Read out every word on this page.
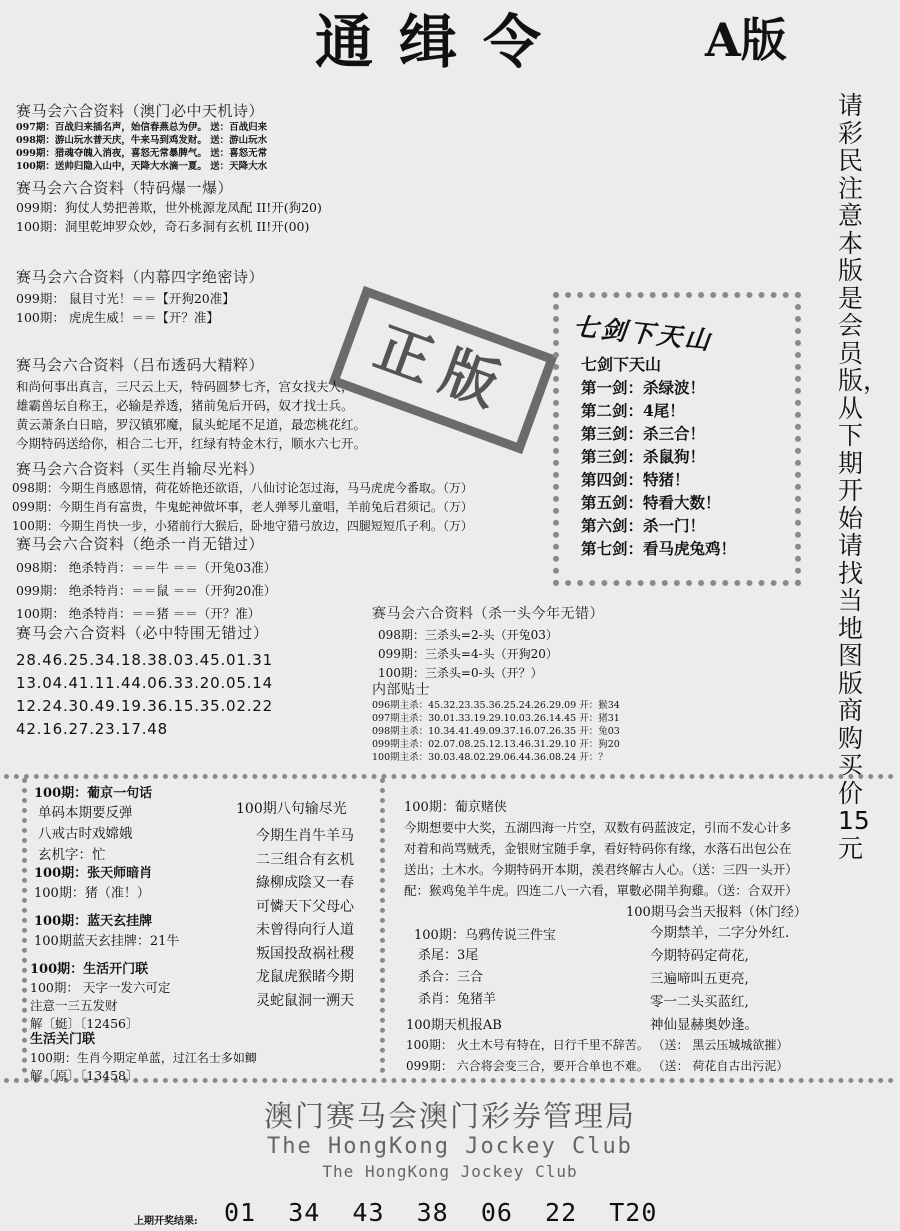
通缉令	A版
请彩民注意本版是会员版，从下期开始请找当地图版商购买价15元
正版
赛马会六合资料（澳门必中天机诗）
097期：百战归来插名声，始信春燕总为伊。 送：百战归来
098期：游山玩水普天庆，牛来马到鸡发财。 送：游山玩水
099期：猎魂夺魄入消夜，喜怒无常暴脾气。 送：喜怒无常
100期：送帅归隐入山中，天降大水滴一夏。 送：天降大水
赛马会六合资料（特码爆一爆）
099期：狗仗人势把善欺，世外桃源龙凤配 II!开(狗20)
100期：洞里乾坤罗众妙，奇石多洞有玄机 II!开(00)
赛马会六合资料（内幕四字绝密诗）
099期： 鼠目寸光！＝＝【开狗20准】
100期： 虎虎生威！＝＝【开？准】
赛马会六合资料（吕布透码大精粹）
和尚何事出真言，三尺云上天，特码圆梦七齐，宫女找夫人，
雄霸兽坛自称王，必输是养透，猪前兔后开码，奴才找士兵。
黄云萧条白日暗，罗汉镇邪魔，鼠头蛇尾不足道，最恋桃花红。
今期特码送给你，相合二七开，红绿有特金木行，顺水六七开。
赛马会六合资料（买生肖输尽光料）
098期：今期生肖感恩情，荷花娇艳还欲语，八仙讨论怎过海，马马虎虎今番取。（万）
099期：今期生肖有富贵，牛鬼蛇神做坏事，老人弹琴儿童唱，羊前兔后君须记。（万）
100期：今期生肖快一步，小猪前行大猴后，卧地守猎弓放边，四腿短短爪子利。（万）
赛马会六合资料（绝杀一肖无错过）
098期： 绝杀特肖：＝＝牛 ＝＝（开兔03准）
099期： 绝杀特肖：＝＝鼠 ＝＝（开狗20准）
100期： 绝杀特肖：＝＝猪 ＝＝（开？准）
赛马会六合资料（必中特围无错过）
28.46.25.34.18.38.03.45.01.31
13.04.41.11.44.06.33.20.05.14
12.24.30.49.19.36.15.35.02.22
42.16.27.23.17.48
七剑下天山
七剑下天山
第一剑：杀绿波！
第二剑：4尾！
第三剑：杀三合！
第三剑：杀鼠狗！
第四剑：特猪！
第五剑：特看大数！
第六剑：杀一门！
第七剑：看马虎兔鸡！
赛马会六合资料（杀一头今年无错）
098期：三杀头=2-头（开兔03）
099期：三杀头=4-头（开狗20）
100期：三杀头=0-头（开？）
内部贴士
096期主杀：45.32.23.35.36.25.24.26.29.09 开：猴34
097期主杀：30.01.33.19.29.10.03.26.14.45 开：猪31
098期主杀：10.34.41.49.09.37.16.07.26.35 开：兔03
099期主杀：02.07.08.25.12.13.46.31.29.10 开：狗20
100期主杀：30.03.48.02.29.06.44.36.08.24 开：？
100期：葡京一句话
单码本期要反弹
八戒古时戏嫦娥
玄机字：忙
100期：张天师暗肖
100期：猪（准！）
100期：蓝天玄挂牌
100期蓝天玄挂牌：21牛
100期：生活开门联
100期： 天字一发六可定
注意一三五发财
解〔蜓〕〔12456〕
生活关门联
100期：生肖今期定单蓝，过江名士多如鲫
解〔原〕〔13458〕
100期八句输尽光
今期生肖牛羊马
二三组合有玄机
綠柳成陰又一春
可憐天下父母心
未曾得向行人道
叛国投敌祸社稷
龙鼠虎猴睹今期
灵蛇鼠洞一溯天
100期：葡京赌侠
今期想要中大奖，五湖四海一片空，双数有码蓝波定，引而不发心计多
对着和尚骂贼秃，金银财宝随手拿，看好特码你有缘，水落石出包公在
送出；土木水。今期特码开本期，羡君终解古人心。（送：三四一头开）
配：猴鸡兔羊牛虎。四连二八一六看，單數必開羊狗雞。（送：合双开）
100期马会当天报料（休门经）
今期禁羊，二字分外红.
今期特码定荷花,
三遍啼叫五更亮,
零一二头买蓝红,
神仙显赫奥妙逢。
100期：乌鸦传说三件宝
杀尾：3尾
杀合：三合
杀肖：兔猪羊
100期天机报AB
100期： 火土木号有特在，日行千里不辞苦。 （送： 黑云压城城欲摧）
099期： 六合将会变三合，要开合单也不难。 （送： 荷花自古出污泥）
澳门赛马会澳门彩券管理局
The HongKong Jockey Club
The HongKong Jockey Club
上期开奖结果: 01  34  43  38  06  22  T20
